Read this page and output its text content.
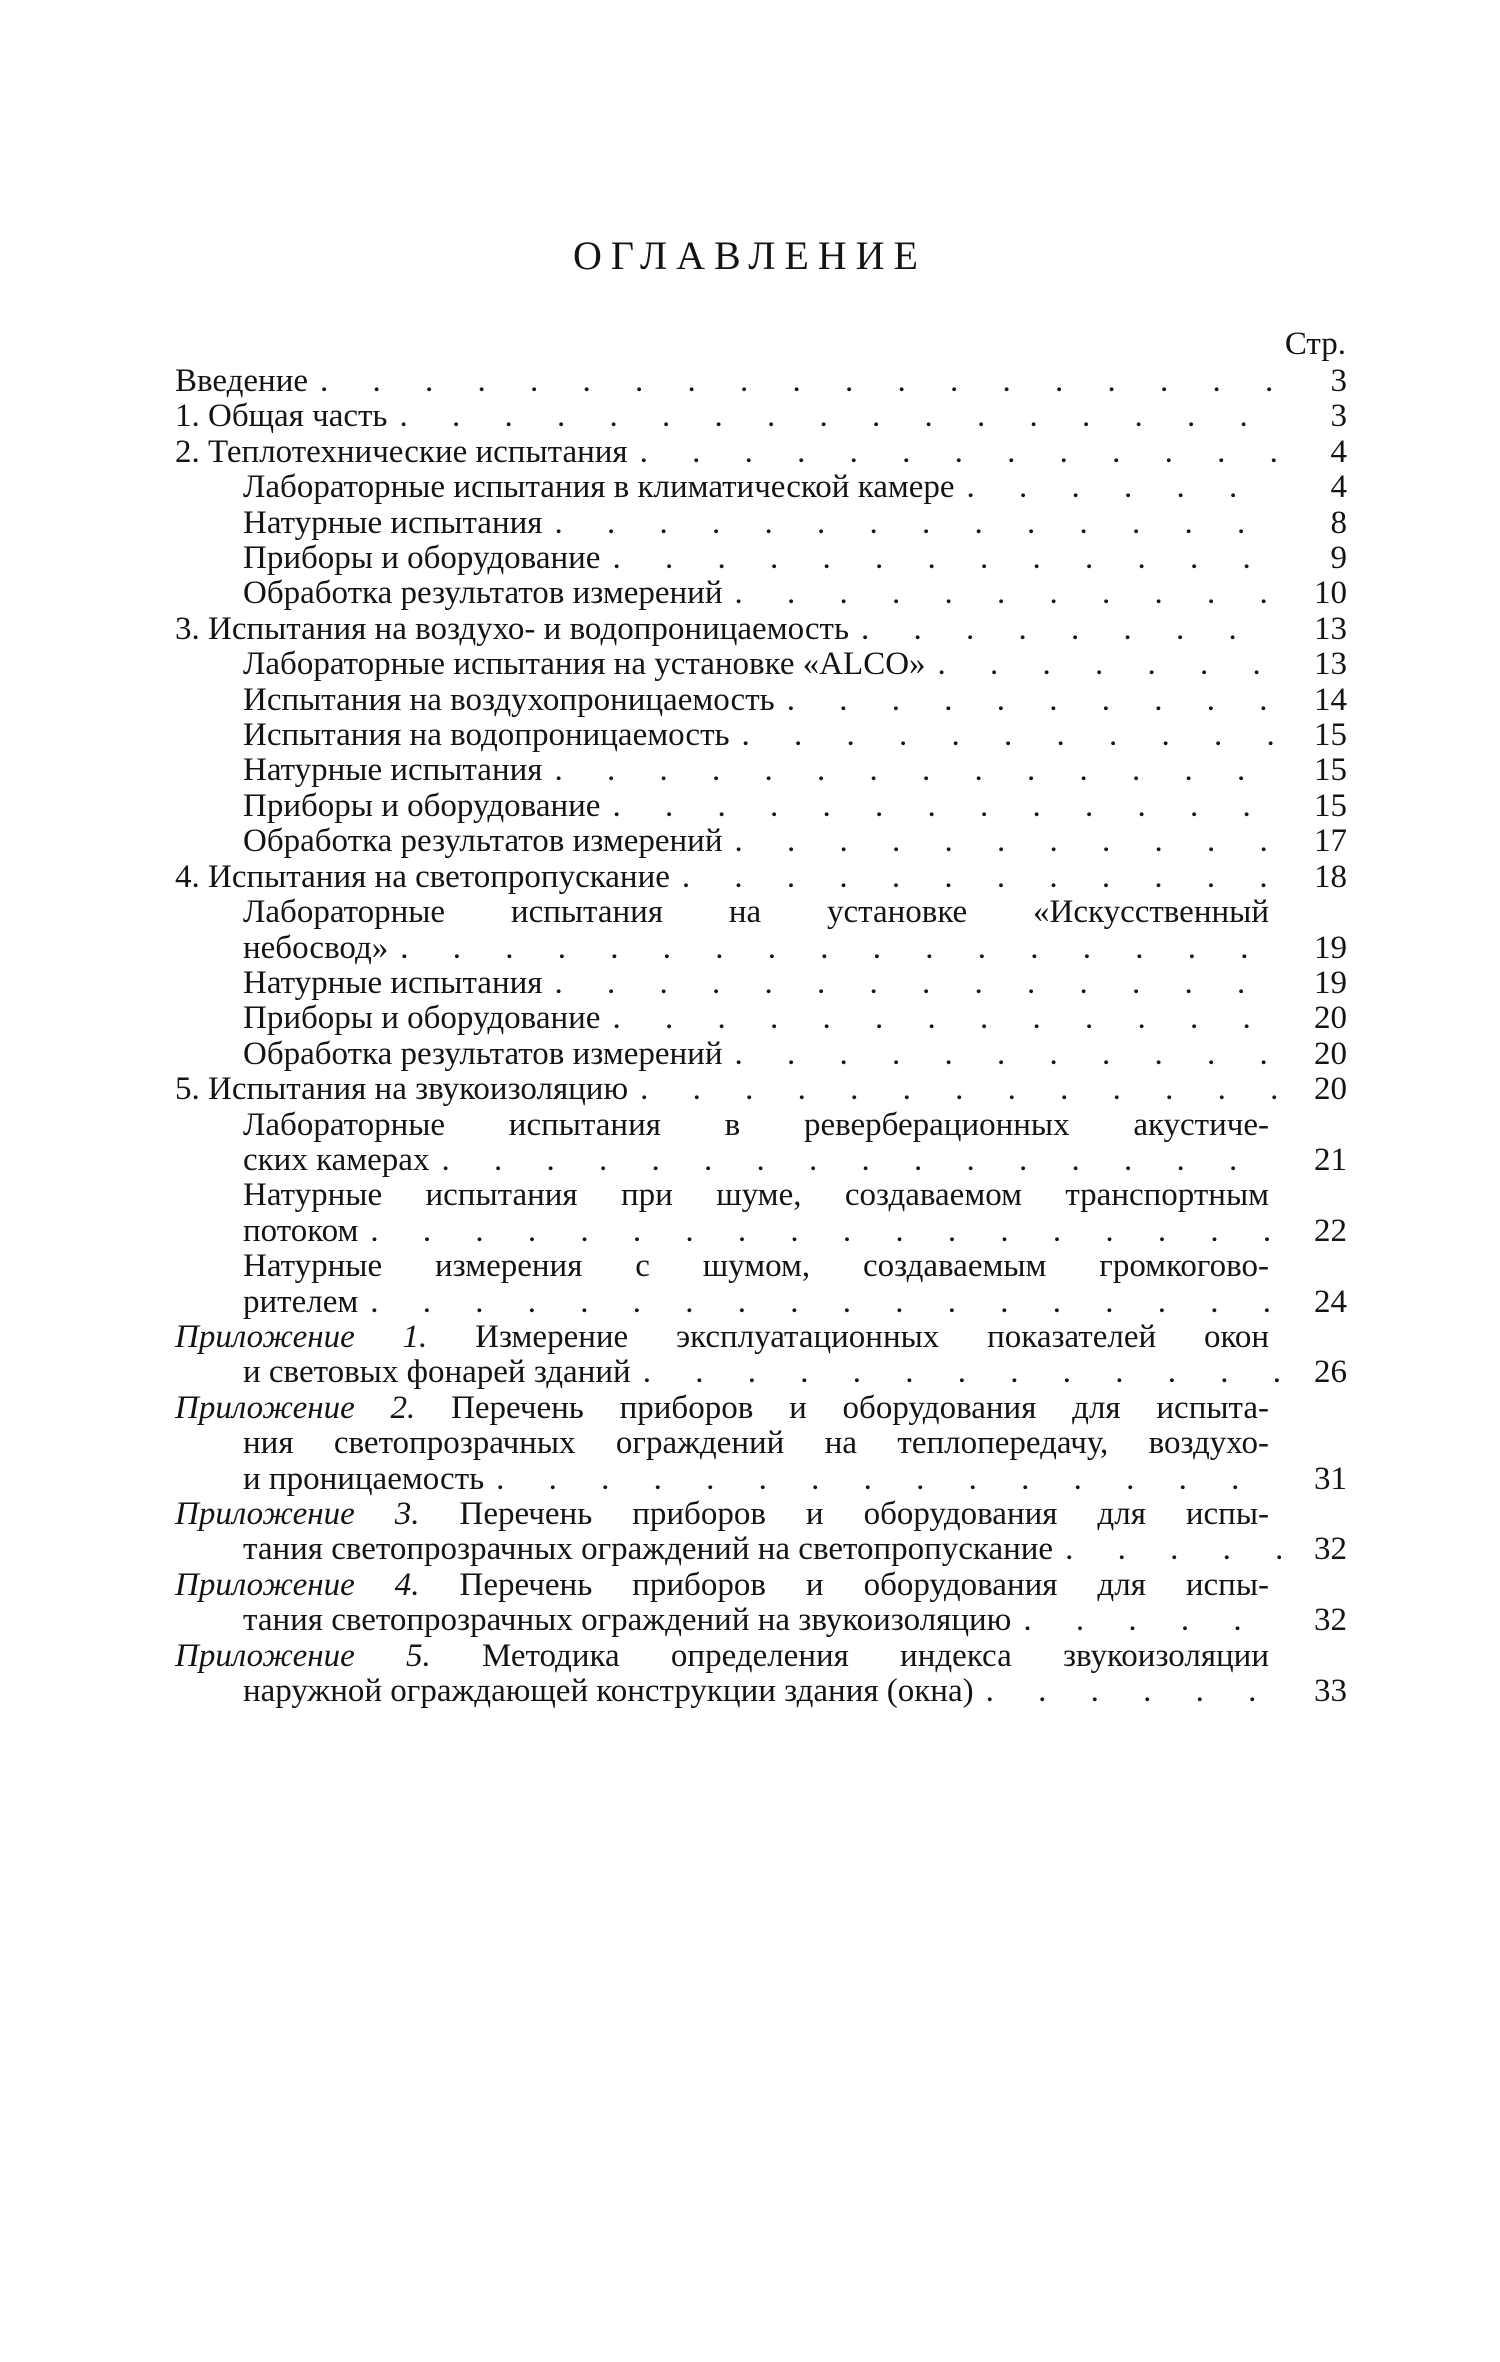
ОГЛАВЛЕНИЕ
Стр.
Введение . . .	3
1. Общая часть . . .	3
2. Теплотехнические испытания . . .	4
Лабораторные испытания в климатической камере . . .	4
Натурные испытания . . .	8
Приборы и оборудование . . .	9
Обработка результатов измерений . . .	10
3. Испытания на воздухо- и водопроницаемость . . .	13
Лабораторные испытания на установке «ALCO» . . .	13
Испытания на воздухопроницаемость . . .	14
Испытания на водопроницаемость . . .	15
Натурные испытания . . .	15
Приборы и оборудование . . .	15
Обработка результатов измерений . . .	17
4. Испытания на светопропускание . . .	18
Лабораторные испытания на установке «Искусственный
небосвод» . . .	19
Натурные испытания . . .	19
Приборы и оборудование . . .	20
Обработка результатов измерений . . .	20
5. Испытания на звукоизоляцию . . .	20
Лабораторные испытания в реверберационных акустиче-
ских камерах . . .	21
Натурные испытания при шуме, создаваемом транспортным
потоком . . .	22
Натурные измерения с шумом, создаваемым громкогово-
рителем . . .	24
Приложение 1. Измерение эксплуатационных показателей окон
и световых фонарей зданий . . .	26
Приложение 2. Перечень приборов и оборудования для испыта-
ния светопрозрачных ограждений на теплопередачу, воздухо-
и проницаемость . . .	31
Приложение 3. Перечень приборов и оборудования для испы-
тания светопрозрачных ограждений на светопропускание . . .	32
Приложение 4. Перечень приборов и оборудования для испы-
тания светопрозрачных ограждений на звукоизоляцию . . .	32
Приложение 5. Методика определения индекса звукоизоляции
наружной ограждающей конструкции здания (окна) . . .	33
